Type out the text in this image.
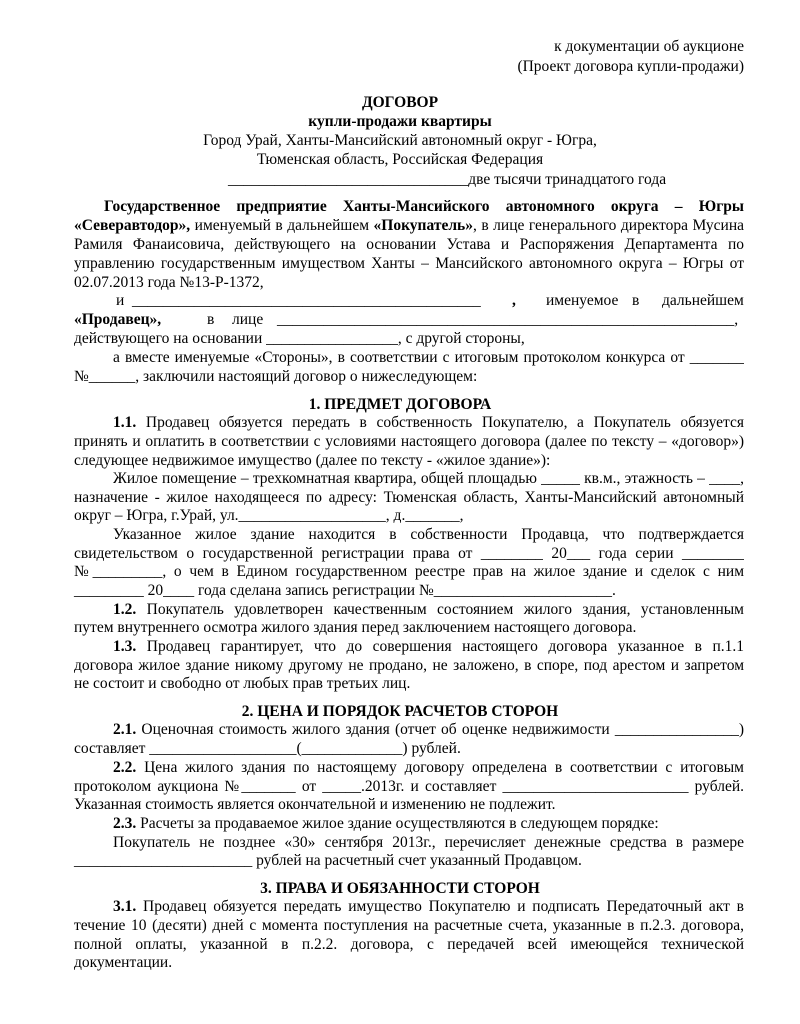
к документации об аукционе
(Проект договора купли-продажи)
ДОГОВОР
купли-продажи квартиры
Город Урай, Ханты-Мансийский автономный округ - Югра,
Тюменская область, Российская Федерация
_______________________________две тысячи тринадцатого года
Государственное предприятие Ханты-Мансийского автономного округа – Югры
«Северавтодор», именуемый в дальнейшем «Покупатель», в лице генерального директора Мусина
Рамиля Фанаисовича, действующего на основании Устава и Распоряжения Департамента по
управлению государственным имуществом Ханты – Мансийского автономного округа – Югры от
02.07.2013 года №13-Р-1372,
и _____________________________________________ , именуемое в дальнейшем
«Продавец»,	в лице ___________________________________________________________,
действующего на основании _________________, с другой стороны,
а вместе именуемые «Стороны», в соответствии с итоговым протоколом конкурса от _______
№______, заключили настоящий договор о нижеследующем:
1. ПРЕДМЕТ ДОГОВОРА
1.1. Продавец обязуется передать в собственность Покупателю, а Покупатель обязуется
принять и оплатить в соответствии с условиями настоящего договора (далее по тексту – «договор»)
следующее недвижимое имущество (далее по тексту - «жилое здание»):
Жилое помещение – трехкомнатная квартира, общей площадью _____ кв.м., этажность – ____,
назначение - жилое находящееся по адресу: Тюменская область, Ханты-Мансийский автономный
округ – Югра, г.Урай, ул.___________________, д._______,
Указанное жилое здание находится в собственности Продавца, что подтверждается
свидетельством о государственной регистрации права от ________ 20___ года серии ________
№_________, о чем в Едином государственном реестре прав на жилое здание и сделок с ним
_________ 20____ года сделана запись регистрации №_______________________.
1.2. Покупатель удовлетворен качественным состоянием жилого здания, установленным
путем внутреннего осмотра жилого здания перед заключением настоящего договора.
1.3. Продавец гарантирует, что до совершения настоящего договора указанное в п.1.1
договора жилое здание никому другому не продано, не заложено, в споре, под арестом и запретом
не состоит и свободно от любых прав третьих лиц.
2. ЦЕНА И ПОРЯДОК РАСЧЕТОВ СТОРОН
2.1. Оценочная стоимость жилого здания (отчет об оценке недвижимости ________________)
составляет ___________________(_____________) рублей.
2.2. Цена жилого здания по настоящему договору определена в соответствии с итоговым
протоколом аукциона №_______ от _____.2013г. и составляет ________________________ рублей.
Указанная стоимость является окончательной и изменению не подлежит.
2.3. Расчеты за продаваемое жилое здание осуществляются в следующем порядке:
Покупатель не позднее «30» сентября 2013г., перечисляет денежные средства в размере
_______________________ рублей на расчетный счет указанный Продавцом.
3. ПРАВА И ОБЯЗАННОСТИ СТОРОН
3.1. Продавец обязуется передать имущество Покупателю и подписать Передаточный акт в
течение 10 (десяти) дней с момента поступления на расчетные счета, указанные в п.2.3. договора,
полной оплаты, указанной в п.2.2. договора, с передачей всей имеющейся технической
документации.
